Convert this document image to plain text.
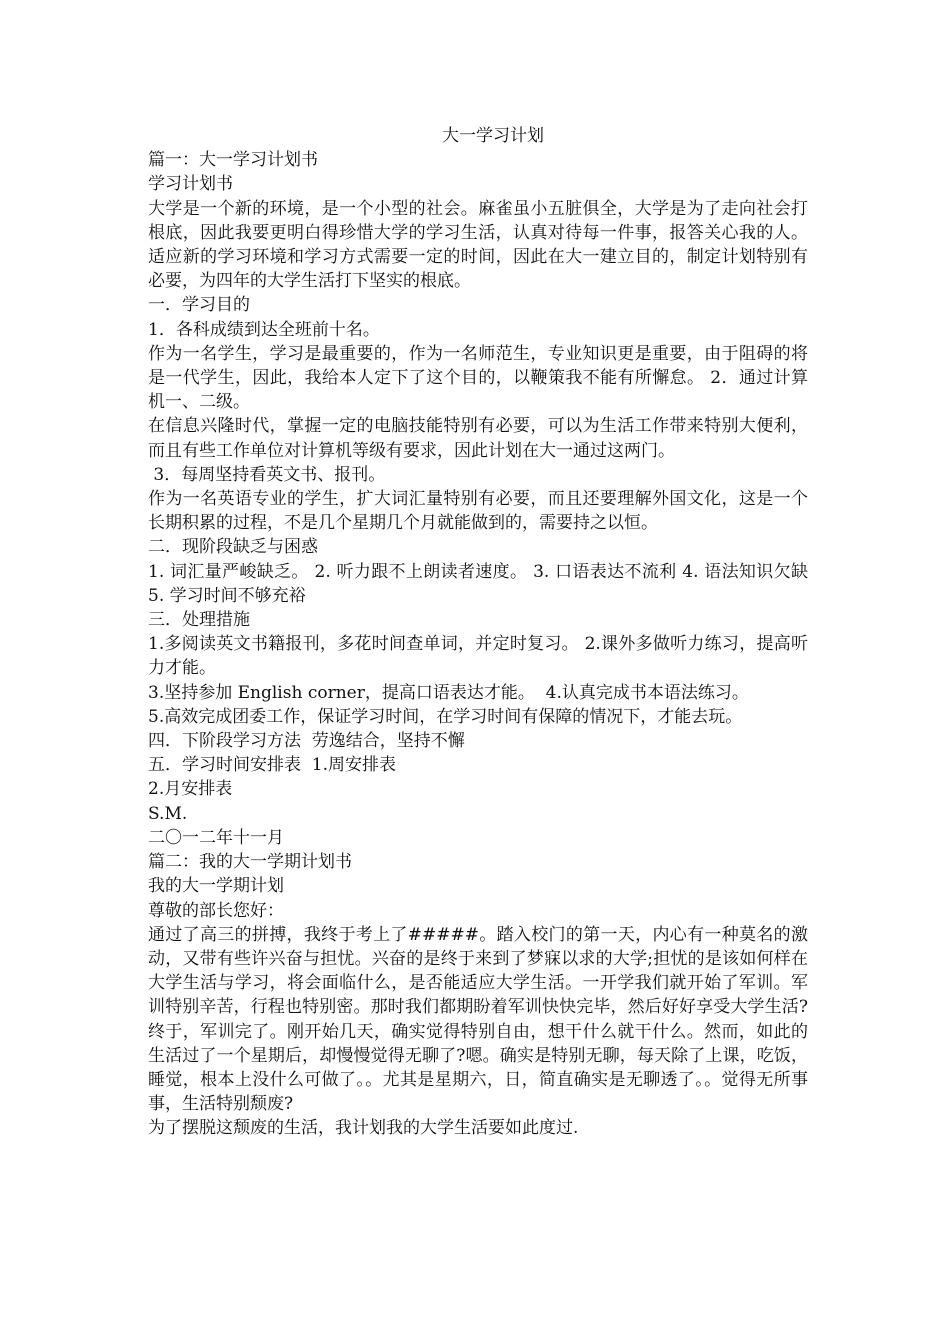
大一学习计划
篇一：大一学习计划书
学习计划书
大学是一个新的环境，是一个小型的社会。麻雀虽小五脏俱全，大学是为了走向社会打根底，因此我要更明白得珍惜大学的学习生活，认真对待每一件事，报答关心我的人。适应新的学习环境和学习方式需要一定的时间，因此在大一建立目的，制定计划特别有必要，为四年的大学生活打下坚实的根底。
一．学习目的
1．各科成绩到达全班前十名。
作为一名学生，学习是最重要的，作为一名师范生，专业知识更是重要，由于阻碍的将是一代学生，因此，我给本人定下了这个目的，以鞭策我不能有所懈怠。 2．通过计算机一、二级。
在信息兴隆时代，掌握一定的电脑技能特别有必要，可以为生活工作带来特别大便利，而且有些工作单位对计算机等级有要求，因此计划在大一通过这两门。
3．每周坚持看英文书、报刊。
作为一名英语专业的学生，扩大词汇量特别有必要，而且还要理解外国文化，这是一个长期积累的过程，不是几个星期几个月就能做到的，需要持之以恒。
二．现阶段缺乏与困惑
1. 词汇量严峻缺乏。 2. 听力跟不上朗读者速度。 3. 口语表达不流利 4. 语法知识欠缺 5. 学习时间不够充裕
三．处理措施
1.多阅读英文书籍报刊，多花时间查单词，并定时复习。 2.课外多做听力练习，提高听力才能。
3.坚持参加 English corner，提高口语表达才能。  4.认真完成书本语法练习。
5.高效完成团委工作，保证学习时间，在学习时间有保障的情况下，才能去玩。
四．下阶段学习方法  劳逸结合，坚持不懈
五．学习时间安排表  1.周安排表
2.月安排表
S.M.
二〇一二年十一月
篇二：我的大一学期计划书
我的大一学期计划
尊敬的部长您好：
通过了高三的拼搏，我终于考上了#####。踏入校门的第一天，内心有一种莫名的激动，又带有些许兴奋与担忧。兴奋的是终于来到了梦寐以求的大学;担忧的是该如何样在大学生活与学习，将会面临什么，是否能适应大学生活。一开学我们就开始了军训。军训特别辛苦，行程也特别密。那时我们都期盼着军训快快完毕，然后好好享受大学生活?终于，军训完了。刚开始几天，确实觉得特别自由，想干什么就干什么。然而，如此的生活过了一个星期后，却慢慢觉得无聊了?嗯。确实是特别无聊，每天除了上课，吃饭，睡觉，根本上没什么可做了。。尤其是星期六，日，简直确实是无聊透了。。觉得无所事事，生活特别颓废?
为了摆脱这颓废的生活，我计划我的大学生活要如此度过.
